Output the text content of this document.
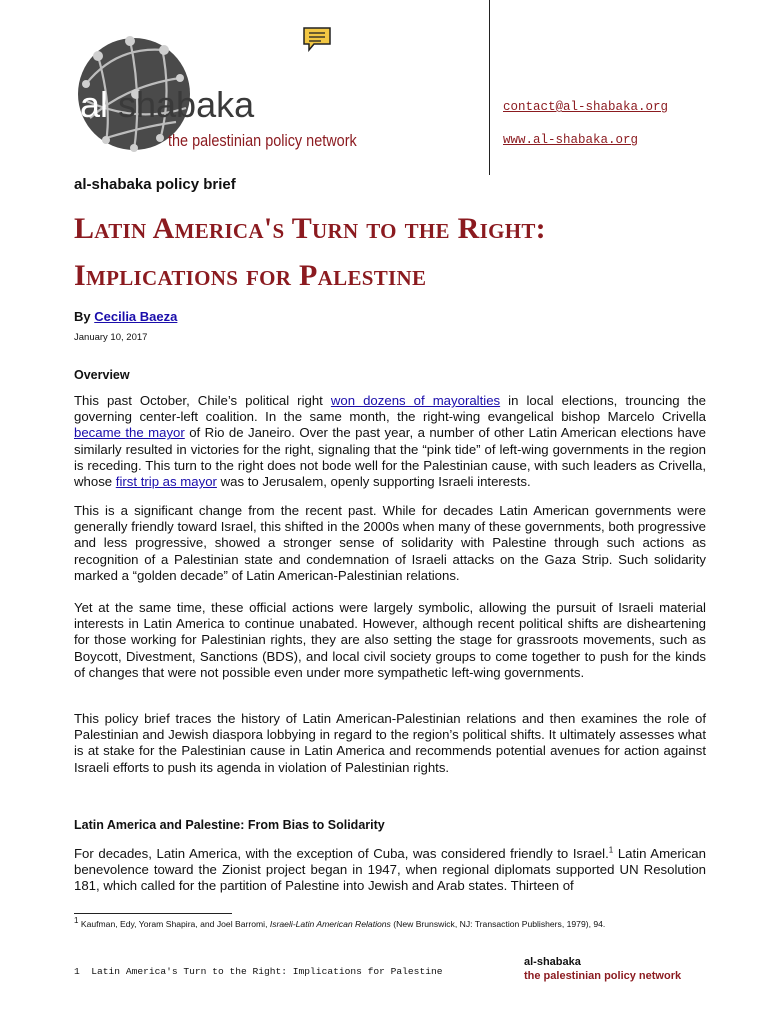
al shabaka
the palestinian policy network
contact@al-shabaka.org
www.al-shabaka.org
al-shabaka policy brief
Latin America's Turn to the Right:
Implications for Palestine
By Cecilia Baeza
January 10, 2017
Overview
This past October, Chile’s political right won dozens of mayoralties in local elections, trouncing the governing center-left coalition. In the same month, the right-wing evangelical bishop Marcelo Crivella became the mayor of Rio de Janeiro. Over the past year, a number of other Latin American elections have similarly resulted in victories for the right, signaling that the “pink tide” of left-wing governments in the region is receding. This turn to the right does not bode well for the Palestinian cause, with such leaders as Crivella, whose first trip as mayor was to Jerusalem, openly supporting Israeli interests.
This is a significant change from the recent past. While for decades Latin American governments were generally friendly toward Israel, this shifted in the 2000s when many of these governments, both progressive and less progressive, showed a stronger sense of solidarity with Palestine through such actions as recognition of a Palestinian state and condemnation of Israeli attacks on the Gaza Strip. Such solidarity marked a “golden decade” of Latin American-Palestinian relations.
Yet at the same time, these official actions were largely symbolic, allowing the pursuit of Israeli material interests in Latin America to continue unabated. However, although recent political shifts are disheartening for those working for Palestinian rights, they are also setting the stage for grassroots movements, such as Boycott, Divestment, Sanctions (BDS), and local civil society groups to come together to push for the kinds of changes that were not possible even under more sympathetic left-wing governments.
This policy brief traces the history of Latin American-Palestinian relations and then examines the role of Palestinian and Jewish diaspora lobbying in regard to the region’s political shifts. It ultimately assesses what is at stake for the Palestinian cause in Latin America and recommends potential avenues for action against Israeli efforts to push its agenda in violation of Palestinian rights.
Latin America and Palestine: From Bias to Solidarity
For decades, Latin America, with the exception of Cuba, was considered friendly to Israel.$^1$ Latin American benevolence toward the Zionist project began in 1947, when regional diplomats supported UN Resolution 181, which called for the partition of Palestine into Jewish and Arab states. Thirteen of
$^1$ Kaufman, Edy, Yoram Shapira, and Joel Barromi, Israeli-Latin American Relations (New Brunswick, NJ: Transaction Publishers, 1979), 94.
1 Latin America's Turn to the Right: Implications for Palestine
al-shabaka
the palestinian policy network
